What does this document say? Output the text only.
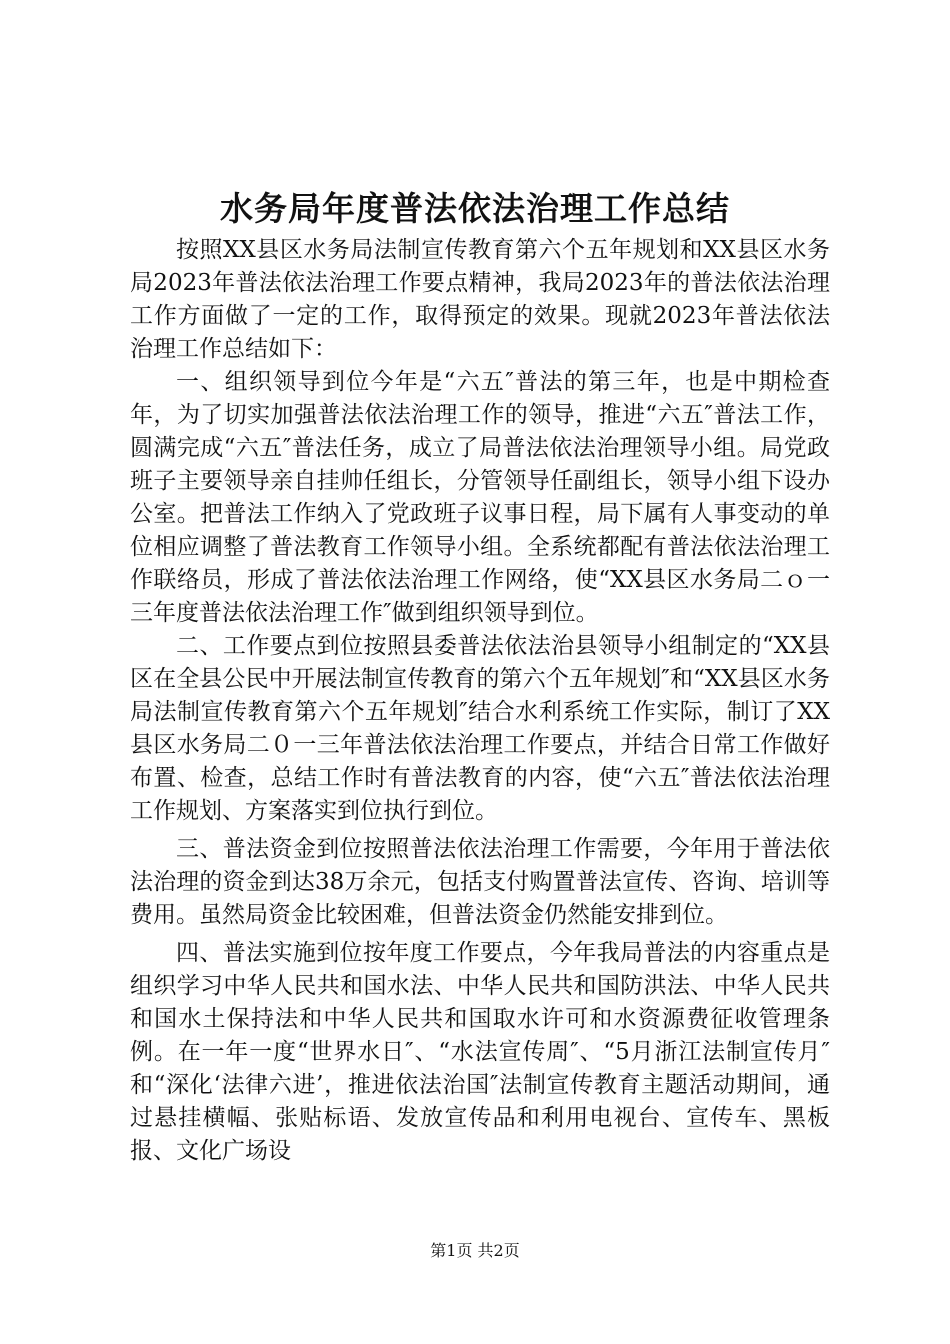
水务局年度普法依法治理工作总结

按照XX县区水务局法制宣传教育第六个五年规划和XX县区水务局2023年普法依法治理工作要点精神，我局2023年的普法依法治理工作方面做了一定的工作，取得预定的效果。现就2023年普法依法治理工作总结如下：

一、组织领导到位今年是“六五″普法的第三年，也是中期检查年，为了切实加强普法依法治理工作的领导，推进“六五″普法工作，圆满完成“六五″普法任务，成立了局普法依法治理领导小组。局党政班子主要领导亲自挂帅任组长，分管领导任副组长，领导小组下设办公室。把普法工作纳入了党政班子议事日程，局下属有人事变动的单位相应调整了普法教育工作领导小组。全系统都配有普法依法治理工作联络员，形成了普法依法治理工作网络，使“XX县区水务局二ｏ一三年度普法依法治理工作″做到组织领导到位。

二、工作要点到位按照县委普法依法治县领导小组制定的“XX县区在全县公民中开展法制宣传教育的第六个五年规划″和“XX县区水务局法制宣传教育第六个五年规划″结合水利系统工作实际，制订了XX县区水务局二０一三年普法依法治理工作要点，并结合日常工作做好布置、检查，总结工作时有普法教育的内容，使“六五″普法依法治理工作规划、方案落实到位执行到位。

三、普法资金到位按照普法依法治理工作需要，今年用于普法依法治理的资金到达38万余元，包括支付购置普法宣传、咨询、培训等费用。虽然局资金比较困难，但普法资金仍然能安排到位。

四、普法实施到位按年度工作要点，今年我局普法的内容重点是组织学习中华人民共和国水法、中华人民共和国防洪法、中华人民共和国水土保持法和中华人民共和国取水许可和水资源费征收管理条例。在一年一度“世界水日″、“水法宣传周″、“5月浙江法制宣传月″和“深化‘法律六进’，推进依法治国″法制宣传教育主题活动期间，通过悬挂横幅、张贴标语、发放宣传品和利用电视台、宣传车、黑板报、文化广场设

第1页 共2页
